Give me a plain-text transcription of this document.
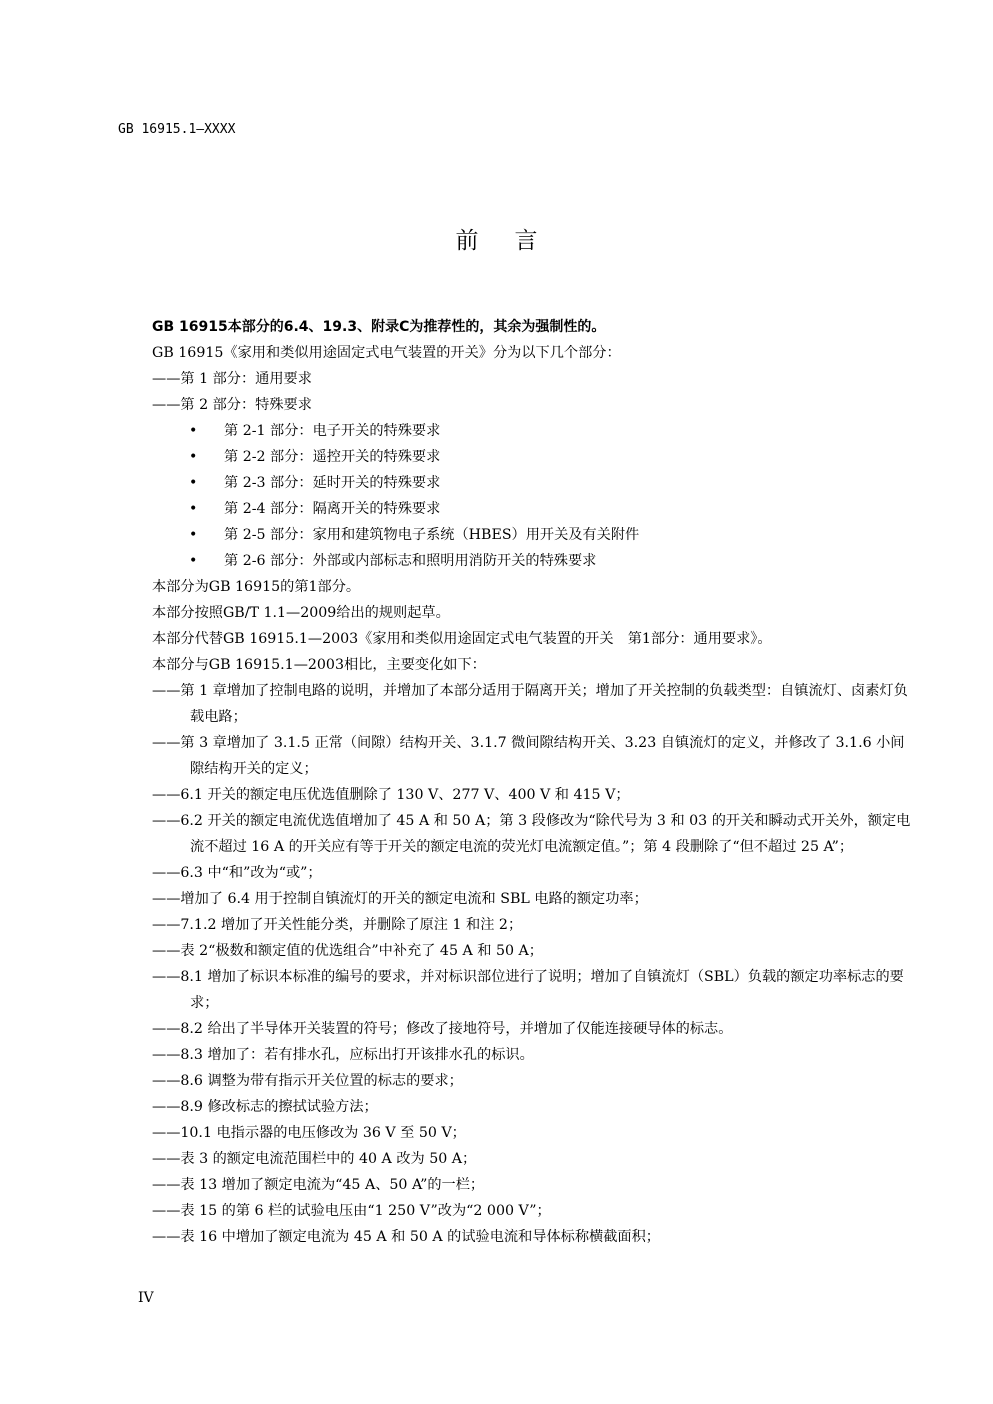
GB 16915.1—XXXX
前言

GB 16915本部分的6.4、19.3、附录C为推荐性的，其余为强制性的。

GB 16915《家用和类似用途固定式电气装置的开关》分为以下几个部分：

——第 1 部分：通用要求

——第 2 部分：特殊要求

• 第 2-1 部分：电子开关的特殊要求

• 第 2-2 部分：遥控开关的特殊要求

• 第 2-3 部分：延时开关的特殊要求

• 第 2-4 部分：隔离开关的特殊要求

• 第 2-5 部分：家用和建筑物电子系统（HBES）用开关及有关附件

• 第 2-6 部分：外部或内部标志和照明用消防开关的特殊要求

本部分为GB 16915的第1部分。

本部分按照GB/T 1.1—2009给出的规则起草。

本部分代替GB 16915.1—2003《家用和类似用途固定式电气装置的开关　第1部分：通用要求》。

本部分与GB 16915.1—2003相比，主要变化如下：

——第 1 章增加了控制电路的说明，并增加了本部分适用于隔离开关；增加了开关控制的负载类型：自镇流灯、卤素灯负载电路；

——第 3 章增加了 3.1.5 正常（间隙）结构开关、3.1.7 微间隙结构开关、3.23 自镇流灯的定义，并修改了 3.1.6 小间隙结构开关的定义；

——6.1 开关的额定电压优选值删除了 130 V、277 V、400 V 和 415 V；

——6.2 开关的额定电流优选值增加了 45 A 和 50 A；第 3 段修改为“除代号为 3 和 03 的开关和瞬动式开关外，额定电流不超过 16 A 的开关应有等于开关的额定电流的荧光灯电流额定值。”；第 4 段删除了“但不超过 25 A”；

——6.3 中“和”改为“或”；

——增加了 6.4 用于控制自镇流灯的开关的额定电流和 SBL 电路的额定功率；

——7.1.2 增加了开关性能分类，并删除了原注 1 和注 2；

——表 2“极数和额定值的优选组合”中补充了 45 A 和 50 A；

——8.1 增加了标识本标准的编号的要求，并对标识部位进行了说明；增加了自镇流灯（SBL）负载的额定功率标志的要求；

——8.2 给出了半导体开关装置的符号；修改了接地符号，并增加了仅能连接硬导体的标志。

——8.3 增加了：若有排水孔，应标出打开该排水孔的标识。

——8.6 调整为带有指示开关位置的标志的要求；

——8.9 修改标志的擦拭试验方法；

——10.1 电指示器的电压修改为 36 V 至 50 V；

——表 3 的额定电流范围栏中的 40 A 改为 50 A；

——表 13 增加了额定电流为“45 A、50 A”的一栏；

——表 15 的第 6 栏的试验电压由“1 250 V”改为“2 000 V”；

——表 16 中增加了额定电流为 45 A 和 50 A 的试验电流和导体标称横截面积；

IV
